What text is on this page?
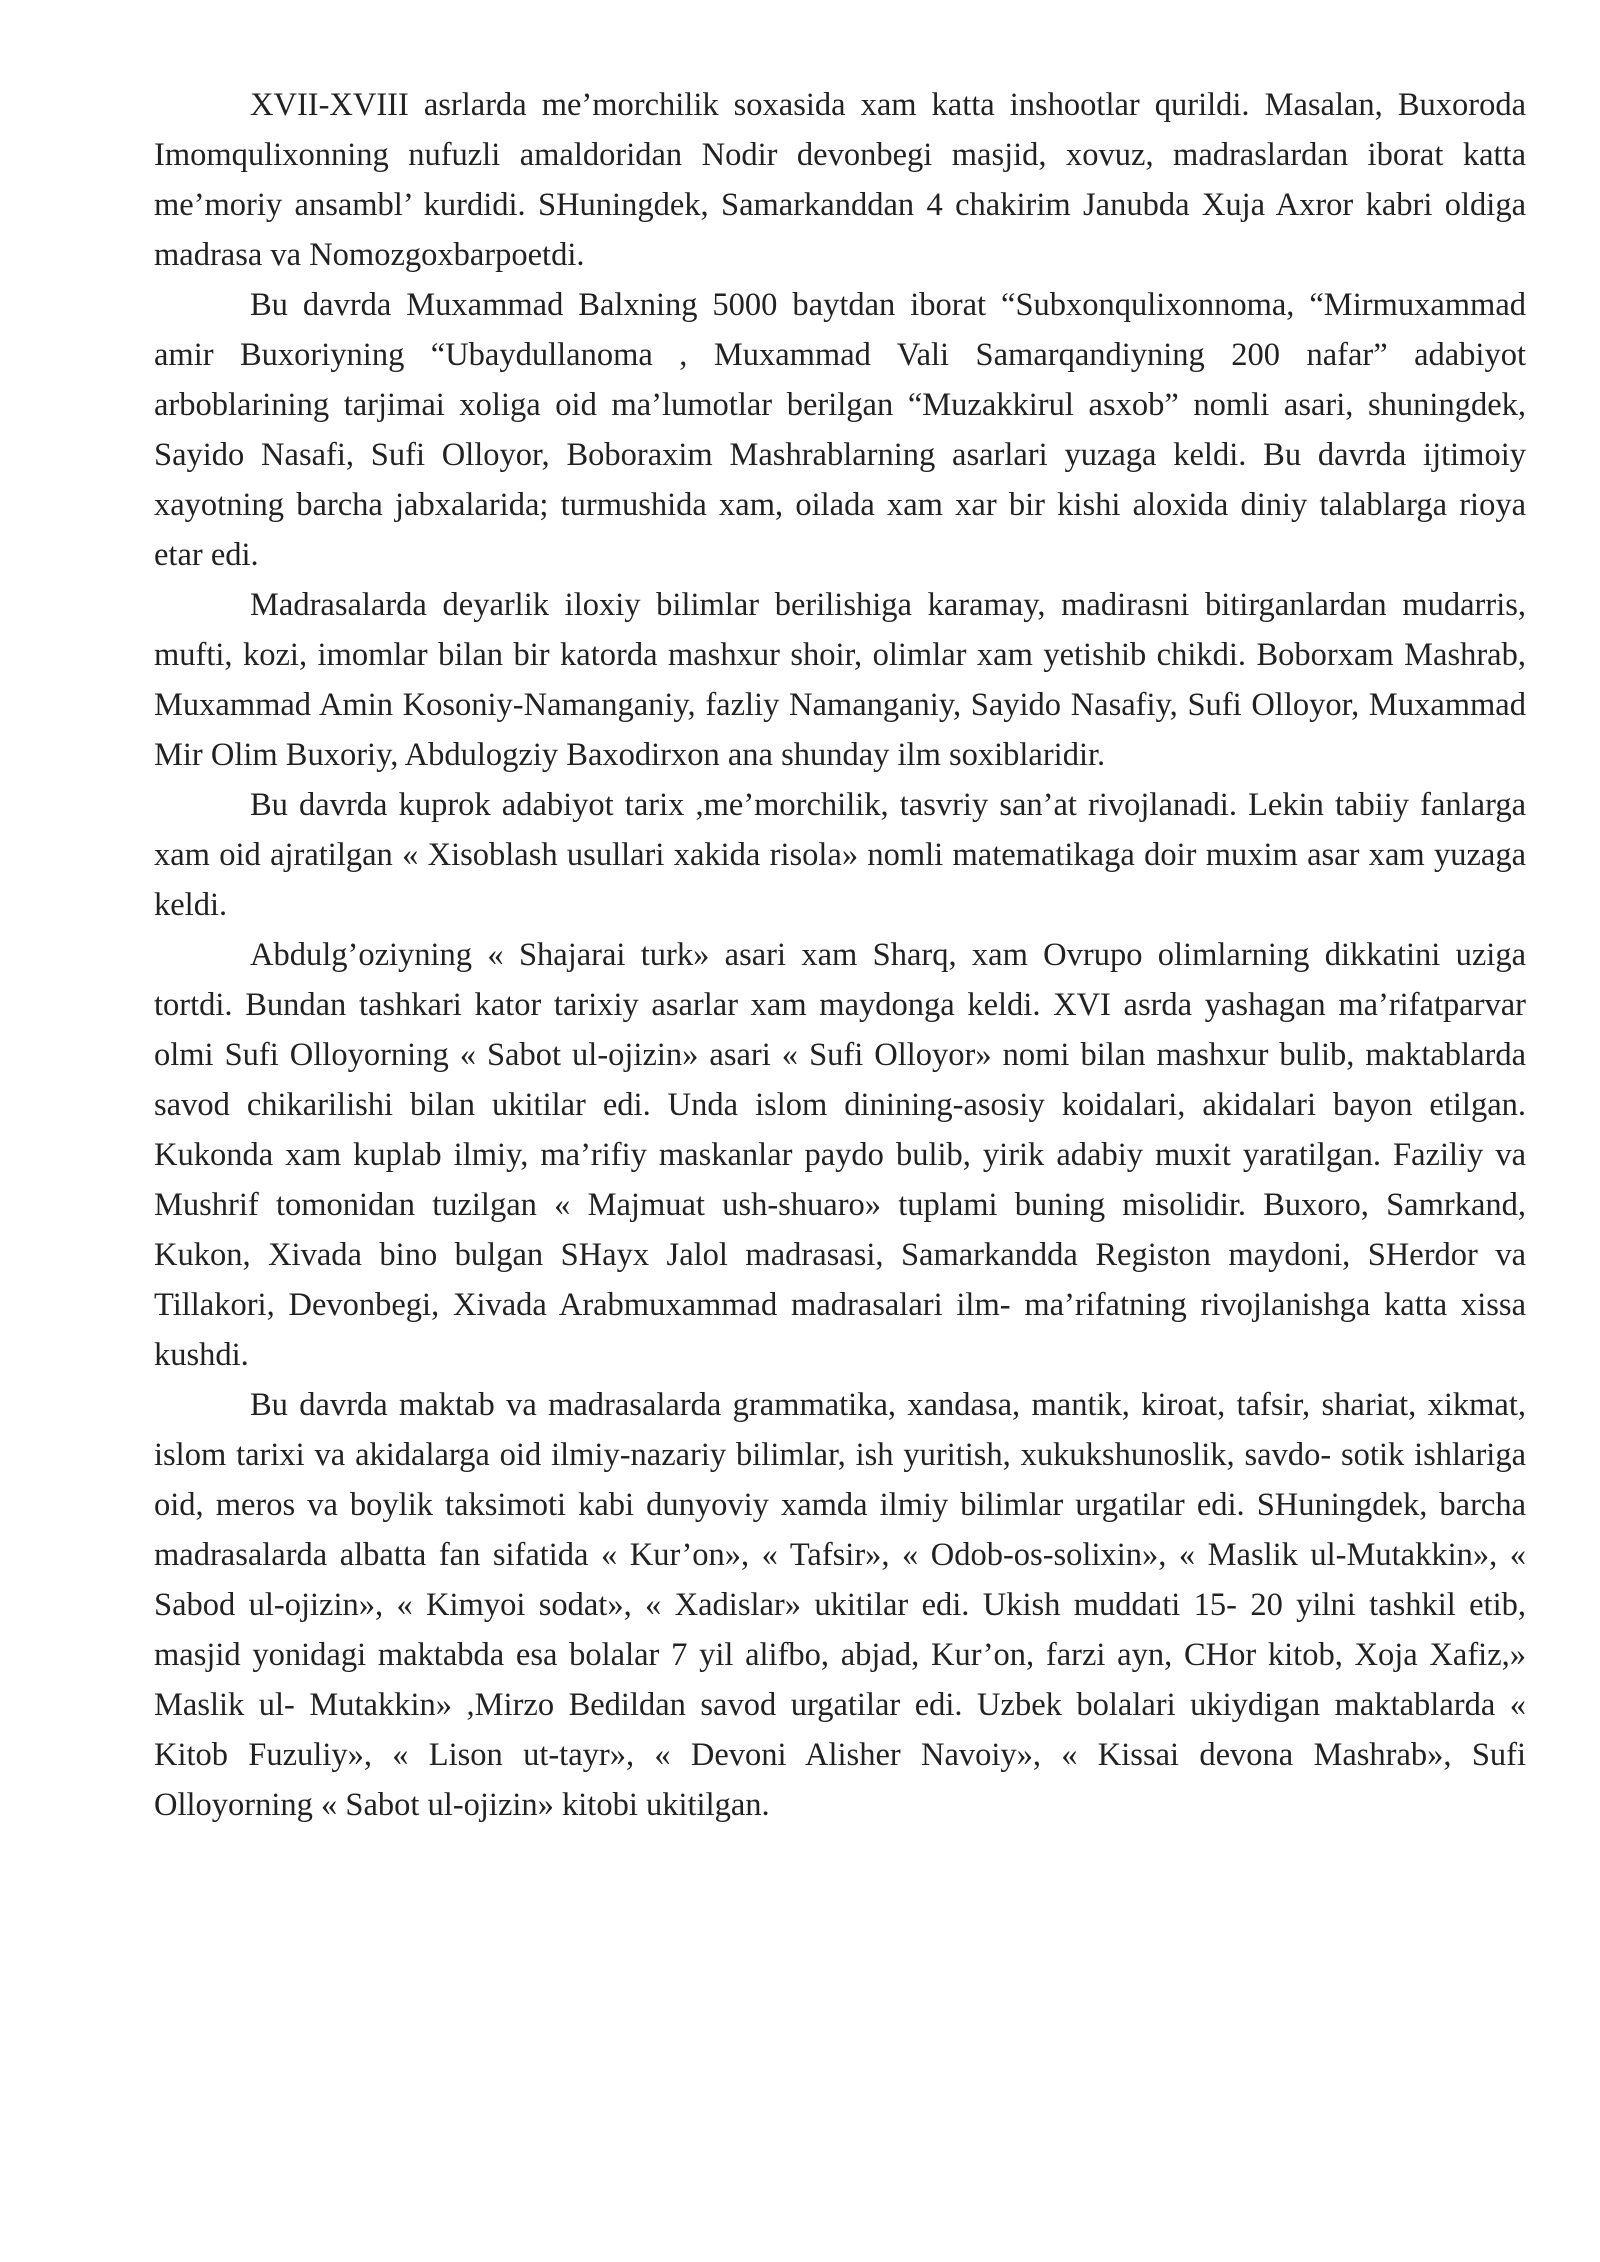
XVII-XVIII asrlarda me’morchilik soxasida xam katta inshootlar qurildi. Masalan, Buxoroda Imomqulixonning nufuzli amaldoridan Nodir devonbegi masjid, xovuz, madraslardan iborat katta me’moriy ansambl’ kurdidi. SHuningdek, Samarkanddan 4 chakirim Janubda Xuja Axror kabri oldiga madrasa va Nomozgoxbarpoetdi.

Bu davrda Muxammad Balxning 5000 baytdan iborat “Subxonqulixonnoma, “Mirmuxammad amir Buxoriyning “Ubaydullanoma , Muxammad Vali Samarqandiyning 200 nafar” adabiyot arboblarining tarjimai xoliga oid ma’lumotlar berilgan “Muzakkirul asxob” nomli asari, shuningdek, Sayido Nasafi, Sufi Olloyor, Boboraxim Mashrablarning asarlari yuzaga keldi. Bu davrda ijtimoiy xayotning barcha jabxalarida; turmushida xam, oilada xam xar bir kishi aloxida diniy talablarga rioya etar edi.

Madrasalarda deyarlik iloxiy bilimlar berilishiga karamay, madirasni bitirganlardan mudarris, mufti, kozi, imomlar bilan bir katorda mashxur shoir, olimlar xam yetishib chikdi. Boborxam Mashrab, Muxammad Amin Kosoniy-Namanganiy, fazliy Namanganiy, Sayido Nasafiy, Sufi Olloyor, Muxammad Mir Olim Buxoriy, Abdulogziy Baxodirxon ana shunday ilm soxiblaridir.

Bu davrda kuprok adabiyot tarix ,me’morchilik, tasvriy san’at rivojlanadi. Lekin tabiiy fanlarga xam oid ajratilgan « Xisoblash usullari xakida risola» nomli matematikaga doir muxim asar xam yuzaga keldi.

Abdulg’oziyning « Shajarai turk» asari xam Sharq, xam Ovrupo olimlarning dikkatini uziga tortdi. Bundan tashkari kator tarixiy asarlar xam maydonga keldi. XVI asrda yashagan ma’rifatparvar olmi Sufi Olloyorning « Sabot ul-ojizin» asari « Sufi Olloyor» nomi bilan mashxur bulib, maktablarda savod chikarilishi bilan ukitilar edi. Unda islom dinining-asosiy koidalari, akidalari bayon etilgan. Kukonda xam kuplab ilmiy, ma’rifiy maskanlar paydo bulib, yirik adabiy muxit yaratilgan. Faziliy va Mushrif tomonidan tuzilgan « Majmuat ush-shuaro» tuplami buning misolidir. Buxoro, Samrkand, Kukon, Xivada bino bulgan SHayx Jalol madrasasi, Samarkandda Registon maydoni, SHerdor va Tillakori, Devonbegi, Xivada Arabmuxammad madrasalari ilm- ma’rifatning rivojlanishga katta xissa kushdi.

Bu davrda maktab va madrasalarda grammatika, xandasa, mantik, kiroat, tafsir, shariat, xikmat, islom tarixi va akidalarga oid ilmiy-nazariy bilimlar, ish yuritish, xukukshunoslik, savdo- sotik ishlariga oid, meros va boylik taksimoti kabi dunyoviy xamda ilmiy bilimlar urgatilar edi. SHuningdek, barcha madrasalarda albatta fan sifatida « Kur’on», « Tafsir», « Odob-os-solixin», « Maslik ul-Mutakkin», « Sabod ul-ojizin», « Kimyoi sodat», « Xadislar» ukitilar edi. Ukish muddati 15- 20 yilni tashkil etib, masjid yonidagi maktabda esa bolalar 7 yil alifbo, abjad, Kur’on, farzi ayn, CHor kitob, Xoja Xafiz,» Maslik ul- Mutakkin» ,Mirzo Bedildan savod urgatilar edi. Uzbek bolalari ukiydigan maktablarda « Kitob Fuzuliy», « Lison ut-tayr», « Devoni Alisher Navoiy», « Kissai devona Mashrab», Sufi Olloyorning « Sabot ul-ojizin» kitobi ukitilgan.
